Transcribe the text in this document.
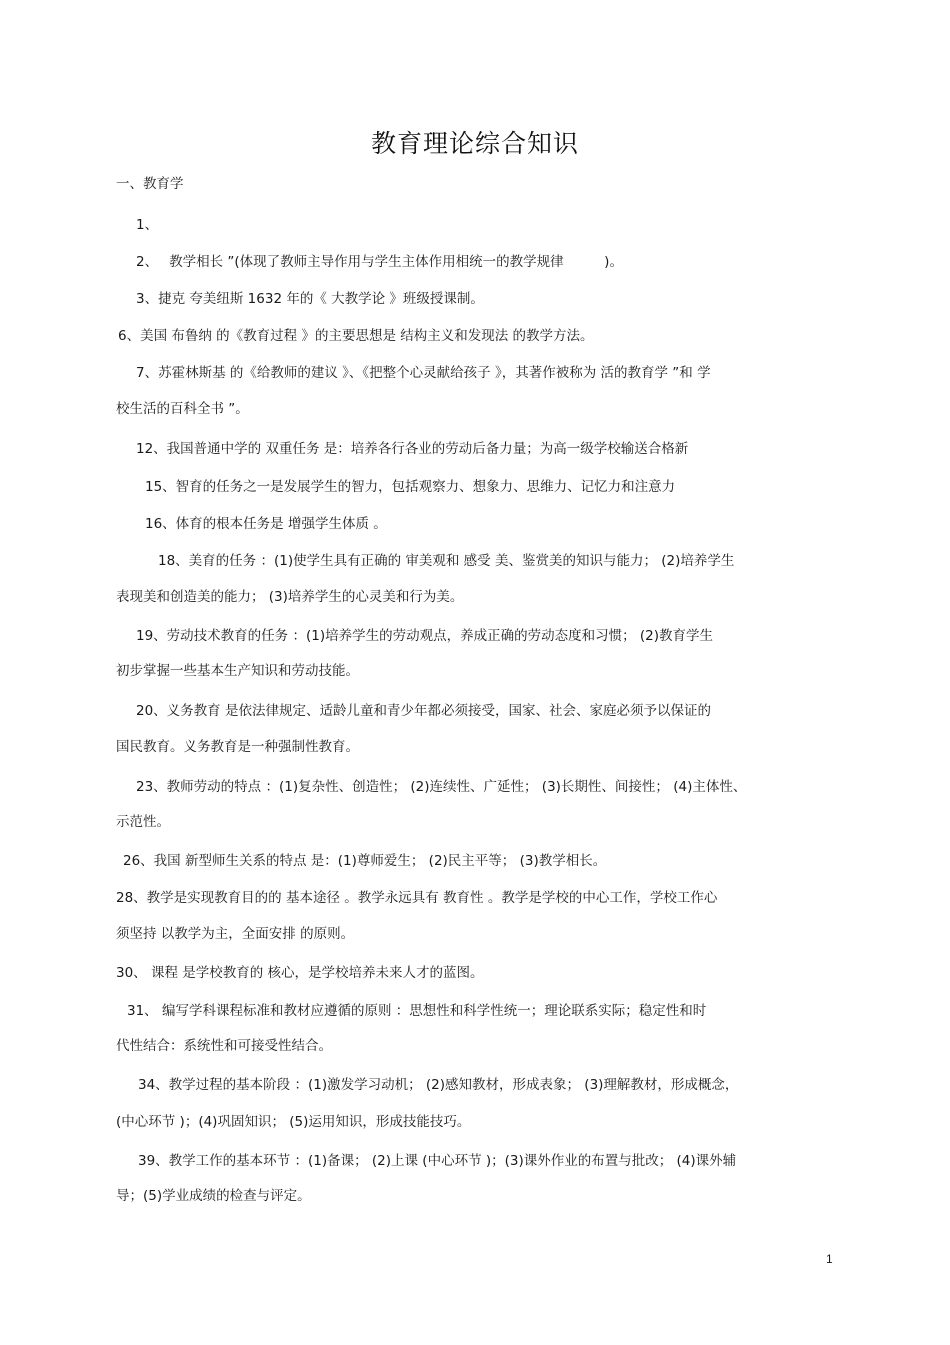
教育理论综合知识
一、教育学
1、
2、　 教学相长 ”(体现了教师主导作用与学生主体作用相统一的教学规律　　　)。
3、捷克 夸美纽斯 1632 年的《 大教学论 》班级授课制。
6、美国 布鲁纳 的《教育过程 》的主要思想是 结构主义和发现法 的教学方法。
7、苏霍林斯基 的《给教师的建议 》、《把整个心灵献给孩子 》，其著作被称为 活的教育学 ”和 学
校生活的百科全书 ”。
12、我国普通中学的 双重任务 是：培养各行各业的劳动后备力量；为高一级学校输送合格新
15、智育的任务之一是发展学生的智力，包括观察力、想象力、思维力、记忆力和注意力
16、体育的根本任务是 增强学生体质 。
18、美育的任务 ：(1)使学生具有正确的 审美观和 感受 美、鉴赏美的知识与能力； (2)培养学生
表现美和创造美的能力； (3)培养学生的心灵美和行为美。
19、劳动技术教育的任务 ：(1)培养学生的劳动观点，养成正确的劳动态度和习惯； (2)教育学生
初步掌握一些基本生产知识和劳动技能。
20、义务教育 是依法律规定、适龄儿童和青少年都必须接受，国家、社会、家庭必须予以保证的
国民教育。义务教育是一种强制性教育。
23、教师劳动的特点 ：(1)复杂性、创造性； (2)连续性、广延性； (3)长期性、间接性； (4)主体性、
示范性。
26、我国 新型师生关系的特点 是：(1)尊师爱生； (2)民主平等； (3)教学相长。
28、教学是实现教育目的的 基本途径 。教学永远具有 教育性 。教学是学校的中心工作，学校工作心
须坚持 以教学为主，全面安排 的原则。
30、 课程 是学校教育的 核心，是学校培养未来人才的蓝图。
31、 编写学科课程标准和教材应遵循的原则 ：思想性和科学性统一；理论联系实际；稳定性和时
代性结合：系统性和可接受性结合。
34、教学过程的基本阶段 ：(1)激发学习动机； (2)感知教材，形成表象； (3)理解教材，形成概念，
(中心环节 )；(4)巩固知识； (5)运用知识，形成技能技巧。
39、教学工作的基本环节 ：(1)备课； (2)上课 (中心环节 )；(3)课外作业的布置与批改； (4)课外辅
导；(5)学业成绩的检查与评定。
1
